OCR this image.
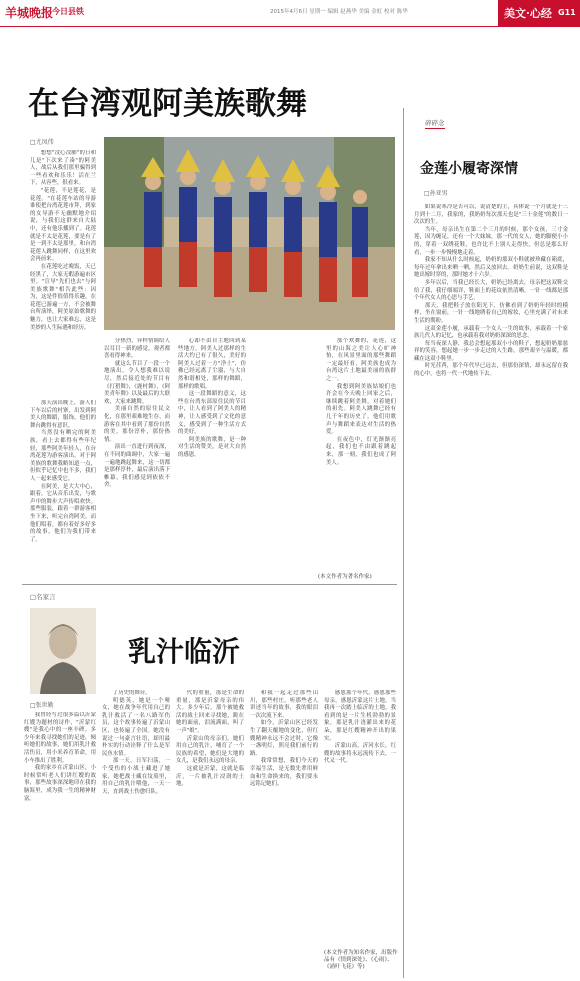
羊城晚报
今日县铁	2015年4月6日 星期一 编辑 赵燕华 美编 金虹 校对 陈华	美文·心经 G11
在台湾观阿美族歌舞
□尤凤伟

想想"没心没肺"的日和儿是"下次来了凑"的阿美人，战后从我们那里骗得到一些看欢和乐乐！活在兰下，从容些，很看来。

"花莲，不是莲花，是花莲。"在花莲车站的导游谁使把台湾花莲市拜，到家的女导游不无幽默地介绍说，与我们这群来自大陆中，还有他乐播到了。花莲就是不太是花莲，要是有了是一到不太是那里，和台湾花莲人跳舞同样，在这里欢会再前来。

在花莲吃过晚饭，天已经黑了，大家无暇游遍市区里。"宣导"先们也去"与阿美族歌舞"相告此些：因为，这是件很值得乐趣，在花莲已游遍一方，不会被舞台所演绎，阿美原始歌舞的魅力，也让大家难忘，这是美妙的人生际遇和经历。

那天演出晚上，游人们下车以后的村寨，出发到阿美人的舞蹈，服饰，他们的舞台跳得有意识。

当然没有晒完的阿美族，看上去都得有些年纪轻，那些阿美年轻人，在台湾花莲为游客演出。对于阿美族的歌舞我略知道一点，但似乎记忆中也不多，我们人一起来感受它。

在阿美，是大大中心，跟着，它从音乐出发，与歌声中的舞步大声传唱欢快。那些服装，跟着一群游客相坐下来，听完台湾阿美，而他们唱着，都有着好多好多的故事，他们为我们带来了。

分热烈，异样情调给人以耳目一新的感觉，观者都喜看得神来。

就这么节目了一段一个地演出，令人想我难以说尽，然后接近处的节目有《打猎舞》，《鹿村舞》，《阿美青年舞》以及最后的大联欢，大家来跳舞。

美丽自然的原住民文化，在那里艰难地生存，而游客在其中看到了那份自然的美，那份淳朴，那份热情。

演出一直进行到夜深，在不同的曲调中，大家一遍一遍地跳起舞来，这一切都是那样淳朴，最后演出落下帷幕，我们感觉到依依不舍。

心却不由自主地回到某些地方，阿美人过那样的生活大约已有了很久，美好的阿美人过着一方"净土"，仿佛已经远离了尘嚣，与大自然和谐相处，那样的舞蹈，那样的歌唱。

这一段舞蹈的意义，这些在台湾东部原住民的节目中，让人看到了阿美人的精神，让人感受到了文化的意义，感受到了一种生活方式的美好。

阿美族的歌舞，是一种对生活的赞美，是对大自然的感恩。

那个欢舞的，花莲，这里的山海之美让人心旷神怡，在风景里面的那些舞蹈一定最好看，阿美族也成为台湾这片土地最美丽的族群之一。

我想到阿美族姑娘们也许会在今天晚上回家之后，继续跳着阿美舞，对着她们的祖先。阿美人跳舞已经有几千年的历史了，他们用歌声与舞蹈来表达对生活的热爱。

在夜色中，灯光渐渐亮起，我们也不由跟着跳起来，那一刻，我们也成了阿美人。

(本文作者为著名作家)
碎碎念
金莲小履寄深情
□孙亚男

如果说寒冷是否可以，说清楚的主，具体说一个月就是十三月到十二月，我家的，我奶奶每次那天也是"三十金莲"的数日一次次的生。

当年，母亲出生在第二个三月的时候，那个女孩，三寸金莲，因为缠足，还有一个大妹妹，那一代的女人，她的脚便小小的，穿着一双绣花鞋，也许比不上别人走得快，但总是那么好看，一步一步慢慢地走着。

我家不知从什么时候起，奶奶的那双小鞋就被珍藏在箱底，每年过年拿出来晒一晒，然后又放回去。奶奶生前说，这双鞋是她出嫁时穿的，那时她才十六岁。

多年以后，当我已经长大，奶奶已经离去，母亲把这双鞋交给了我，我仔细端详，鞋面上的花纹依然清晰，一针一线都是那个年代女人的心思与手艺。

那天，我把鞋子放在阳光下，仿佛看到了奶奶年轻时的模样，坐在窗前，一针一线地绣着自己的嫁妆，心里充满了对未来生活的期盼。

这双金莲小履，承载着一个女人一生的故事，承载着一个家族几代人的记忆，也承载着我对奶奶深深的思念。

每当夜深人静，我总会想起那双小小的鞋子，想起奶奶那慈祥的笑容，想起她一步一步走过的人生路，那些艰辛与温暖，都藏在这双小鞋里。

时光荏苒，那个年代早已远去，但那份深情，却永远留在我的心中，也将一代一代地传下去。

□名家言
乳汁临沂
□张世勤

我曾经写过很多篇以沂蒙红嫂为题材的诗作，"沂蒙红嫂"是我心中的一座丰碑。多少年来我寻找她们的足迹，倾听她们的故事，她们用乳汁救活伤员，用小米养育革命，用小车推出了胜利。

我的家乡在沂蒙山区，小时候常听老人们讲红嫂的故事，那些故事深深地印在我的脑海里，成为我一生的精神财富。

了历史的舞台。

明德英，她是一个哑女，她在战争年代用自己的乳汁救活了一名八路军伤员，这个故事传遍了沂蒙山区，也传遍了全国。她没有说过一句豪言壮语，却用最朴实的行动诠释了什么是军民鱼水情。

那一天，日军扫荡，一个受伤的小战士藏进了她家，她把战士藏在坟墓里，用自己的乳汁喂他，一天一天，直到战士伤愈归队。

代的重量，那是生命的重量，那是沂蒙母亲的伟大。多少年后，那个被她救活的战士回来寻找她，跪在她的面前，泪流满面，叫了一声"娘"。

沂蒙山的母亲们，她们用自己的乳汁，哺育了一个民族的希望，她们是大地的女儿，是我们永远的母亲。

这就是沂蒙，这就是临沂，一片被乳汁浸润的土地。

和我一起走过那些山川，那些村庄，听那些老人讲述当年的故事，我的眼泪一次次流下来。

如今，沂蒙山区已经发生了翻天覆地的变化，但红嫂精神永远不会过时，它像一盏明灯，照亮我们前行的路。

我常常想，我们今天的幸福生活，是无数先辈用鲜血和生命换来的，我们要永远铭记她们。

感恩那个年代，感恩那些母亲，感恩沂蒙这片土地。当我再一次踏上临沂的土地，我看到的是一片生机勃勃的景象，那是乳汁浇灌出来的花朵，那是红嫂精神开出的果实。

沂蒙山高，沂河水长，红嫂的故事将永远流传下去，一代又一代。

(本文作者为知名作家，出版作品有《情到深处》、《心雨》、《涌叶飞花》等)
